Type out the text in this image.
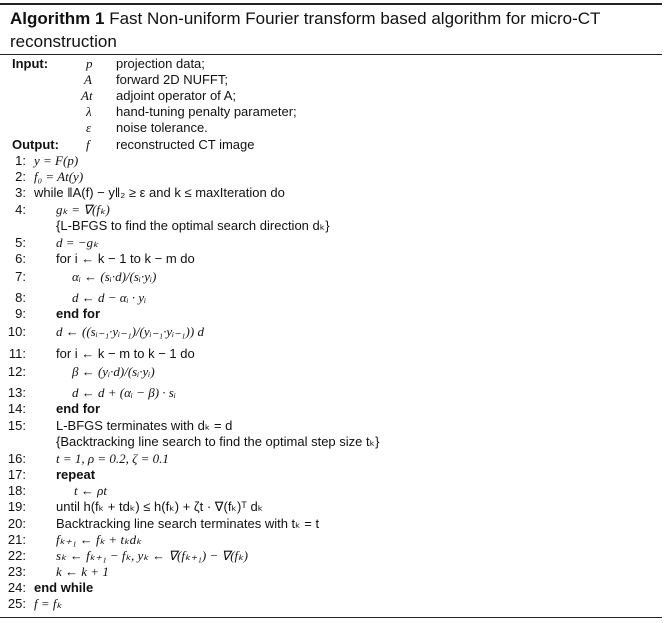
Algorithm 1 Fast Non-uniform Fourier transform based algorithm for micro-CT
reconstruction
Input:	p projection data;
A forward 2D NUFFT;
At adjoint operator of A;
λ hand-tuning penalty parameter;
ε noise tolerance.
Output: f reconstructed CT image
1: y = F(p)
2: f₀ = At(y)
3: while ‖A(f) − y‖₂ ≥ ε and k ≤ maxIteration do
4: gₖ = ∇(fₖ)
{L-BFGS to find the optimal search direction dₖ}
5: d = −gₖ
6: for i ← k − 1 to k − m do
7:	αᵢ ← (sᵢ·d)/(sᵢ·yᵢ)
8:	d ← d − αᵢ · yᵢ
9: end for
10: d ← ((sᵢ₋₁·yᵢ₋₁)/(yᵢ₋₁·yᵢ₋₁)) d
11: for i ← k − m to k − 1 do
12:	β ← (yᵢ·d)/(sᵢ·yᵢ)
13:	d ← d + (αᵢ − β) · sᵢ
14: end for
15: L-BFGS terminates with dₖ = d
{Backtracking line search to find the optimal step size tₖ}
16: t = 1, ρ = 0.2, ζ = 0.1
17: repeat
18:	t ← ρt
19: until h(fₖ + tdₖ) ≤ h(fₖ) + ζt · ∇(fₖ)ᵀ dₖ
20: Backtracking line search terminates with tₖ = t
21: fₖ₊₁ ← fₖ + tₖdₖ
22: sₖ ← fₖ₊₁ − fₖ, yₖ ← ∇(fₖ₊₁) − ∇(fₖ)
23: k ← k + 1
24: end while
25: f = fₖ
